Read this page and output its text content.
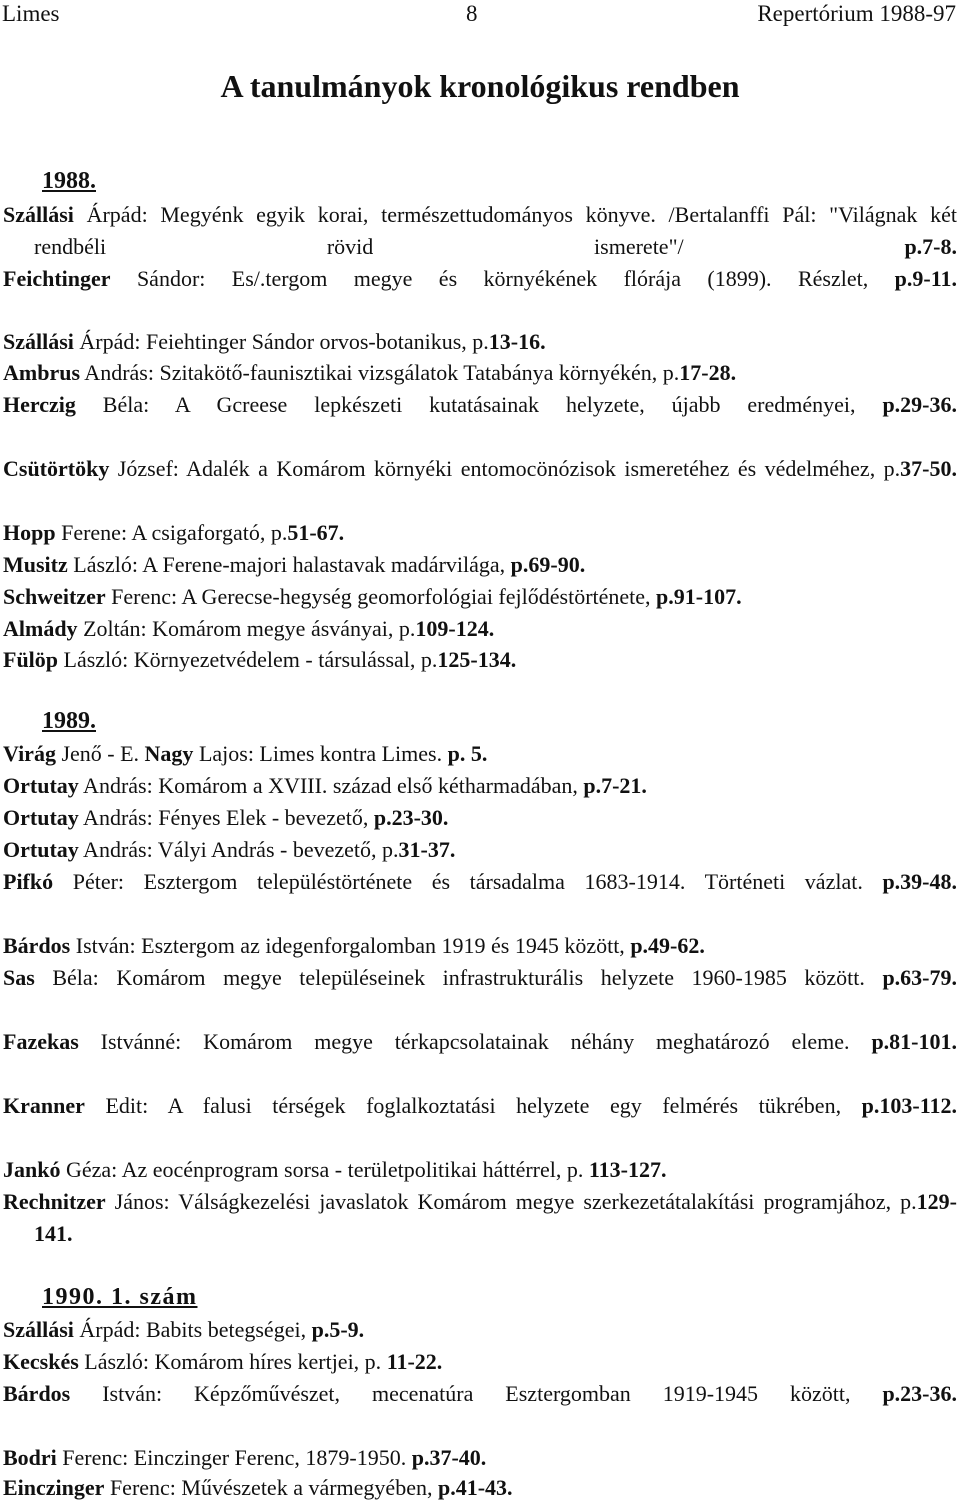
Limes	8	Repertórium 1988-97
A tanulmányok kronológikus rendben
1988.
Szállási Árpád: Megyénk egyik korai, természettudományos könyve. /Bertalanffi Pál: "Világnak két rendbéli rövid ismerete"/ p.7-8.
Feichtinger Sándor: Es/.tergom megye és környékének flórája (1899). Részlet, p.9-11.
Szállási Árpád: Feiehtinger Sándor orvos-botanikus, p.13-16.
Ambrus András: Szitakötő-faunisztikai vizsgálatok Tatabánya környékén, p.17-28.
Herczig Béla: A Gcreese lepkészeti kutatásainak helyzete, újabb eredményei, p.29-36.
Csütörtöky József: Adalék a Komárom környéki entomocönózisok ismeretéhez és védelméhez, p.37-50.
Hopp Ferene: A csigaforgató, p.51-67.
Musitz László: A Ferene-majori halastavak madárvilága, p.69-90.
Schweitzer Ferenc: A Gerecse-hegység geomorfológiai fejlődéstörténete, p.91-107.
Almády Zoltán: Komárom megye ásványai, p.109-124.
Fülöp László: Környezetvédelem - társulással, p.125-134.
1989.
Virág Jenő - E. Nagy Lajos: Limes kontra Limes. p. 5.
Ortutay András: Komárom a XVIII. század első kétharmadában, p.7-21.
Ortutay András: Fényes Elek - bevezető, p.23-30.
Ortutay András: Vályi András - bevezető, p.31-37.
Pifkó Péter: Esztergom településtörténete és társadalma 1683-1914. Történeti vázlat. p.39-48.
Bárdos István: Esztergom az idegenforgalomban 1919 és 1945 között, p.49-62.
Sas Béla: Komárom megye településeinek infrastrukturális helyzete 1960-1985 között. p.63-79.
Fazekas Istvánné: Komárom megye térkapcsolatainak néhány meghatározó eleme. p.81-101.
Kranner Edit: A falusi térségek foglalkoztatási helyzete egy felmérés tükrében, p.103-112.
Jankó Géza: Az eocénprogram sorsa - területpolitikai háttérrel, p. 113-127.
Rechnitzer János: Válságkezelési javaslatok Komárom megye szerkezetátalakítási programjához, p.129-141.
1990. 1. szám
Szállási Árpád: Babits betegségei, p.5-9.
Kecskés László: Komárom híres kertjei, p. 11-22.
Bárdos István: Képzőművészet, mecenatúra Esztergomban 1919-1945 között, p.23-36.
Bodri Ferenc: Einczinger Ferenc, 1879-1950. p.37-40.
Einczinger Ferenc: Művészetek a vármegyében, p.41-43.
